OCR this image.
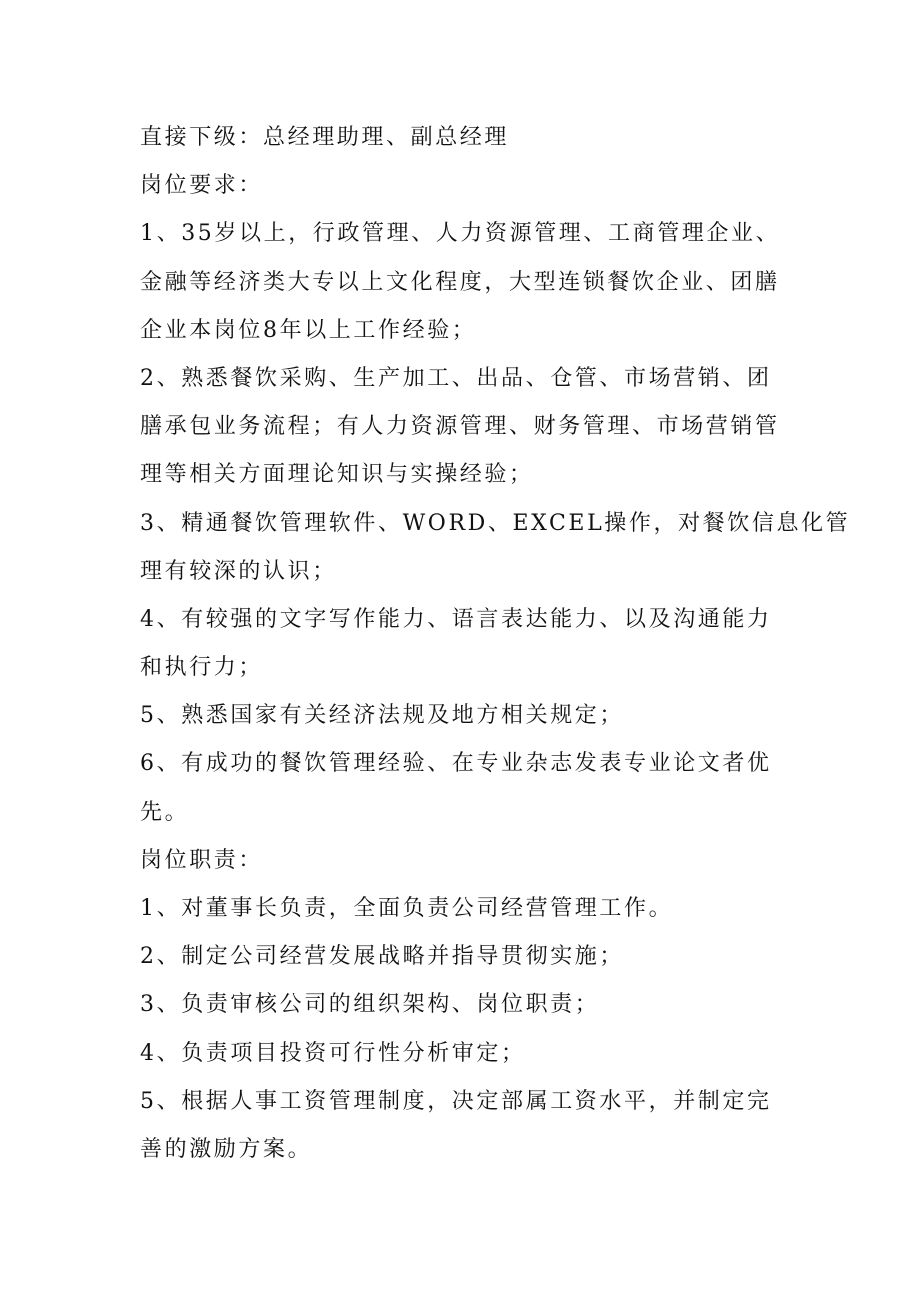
直接下级：总经理助理、副总经理
岗位要求：
1、35岁以上，行政管理、人力资源管理、工商管理企业、
金融等经济类大专以上文化程度，大型连锁餐饮企业、团膳
企业本岗位8年以上工作经验；
2、熟悉餐饮采购、生产加工、出品、仓管、市场营销、团
膳承包业务流程；有人力资源管理、财务管理、市场营销管
理等相关方面理论知识与实操经验；
3、精通餐饮管理软件、WORD、EXCEL操作，对餐饮信息化管
理有较深的认识；
4、有较强的文字写作能力、语言表达能力、以及沟通能力
和执行力；
5、熟悉国家有关经济法规及地方相关规定；
6、有成功的餐饮管理经验、在专业杂志发表专业论文者优
先。
岗位职责：
1、对董事长负责，全面负责公司经营管理工作。
2、制定公司经营发展战略并指导贯彻实施；
3、负责审核公司的组织架构、岗位职责；
4、负责项目投资可行性分析审定；
5、根据人事工资管理制度，决定部属工资水平，并制定完
善的激励方案。
